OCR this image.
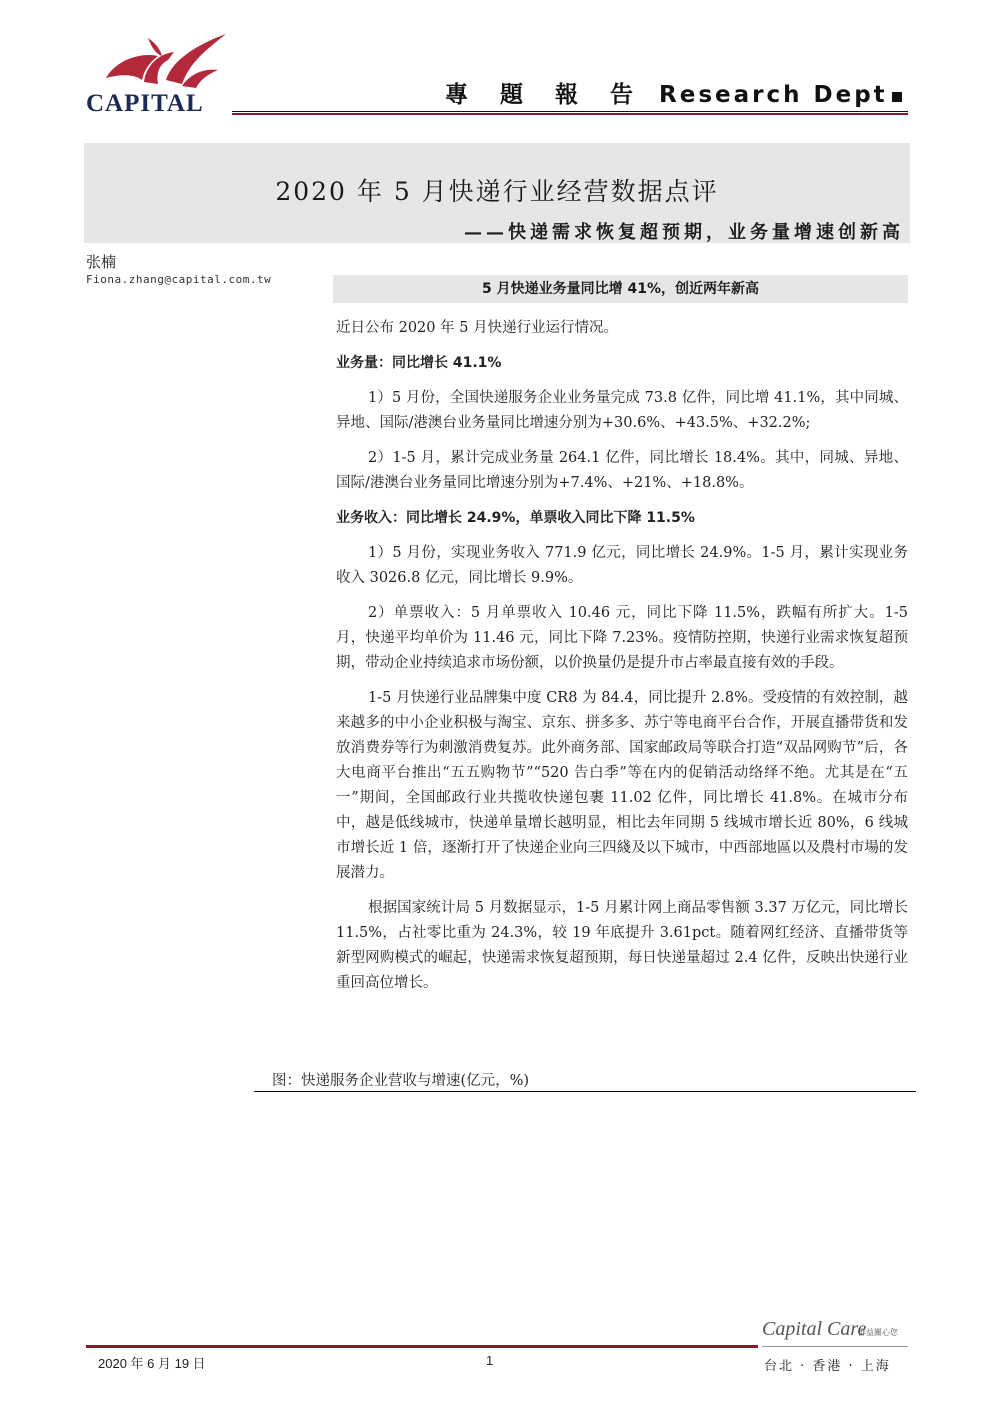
CAPITAL	專 題 報 告 Research Dept
2020 年 5 月快递行业经营数据点评
——快递需求恢复超预期，业务量增速创新高
张楠
Fiona.zhang@capital.com.tw
5 月快递业务量同比增 41%，创近两年新高

近日公布 2020 年 5 月快递行业运行情况。

业务量：同比增长 41.1%

1）5 月份，全国快递服务企业业务量完成 73.8 亿件，同比增 41.1%，其中同城、异地、国际/港澳台业务量同比增速分别为+30.6%、+43.5%、+32.2%;

2）1-5 月，累计完成业务量 264.1 亿件，同比增长 18.4%。其中，同城、异地、国际/港澳台业务量同比增速分别为+7.4%、+21%、+18.8%。

业务收入：同比增长 24.9%，单票收入同比下降 11.5%

1）5 月份，实现业务收入 771.9 亿元，同比增长 24.9%。1-5 月，累计实现业务收入 3026.8 亿元，同比增长 9.9%。

2）单票收入：5 月单票收入 10.46 元，同比下降 11.5%，跌幅有所扩大。1-5 月，快递平均单价为 11.46 元，同比下降 7.23%。疫情防控期，快递行业需求恢复超预期，带动企业持续追求市场份额，以价换量仍是提升市占率最直接有效的手段。

1-5 月快递行业品牌集中度 CR8 为 84.4，同比提升 2.8%。受疫情的有效控制，越来越多的中小企业积极与淘宝、京东、拼多多、苏宁等电商平台合作，开展直播带货和发放消费券等行为刺激消费复苏。此外商务部、国家邮政局等联合打造“双品网购节”后，各大电商平台推出“五五购物节”“520 告白季”等在内的促销活动络绎不绝。尤其是在“五一”期间，全国邮政行业共揽收快递包裹 11.02 亿件，同比增长 41.8%。在城市分布中，越是低线城市，快递单量增长越明显，相比去年同期 5 线城市增长近 80%，6 线城市增长近 1 倍，逐渐打开了快递企业向三四綫及以下城市，中西部地區以及農村市場的发展潜力。

根据国家统计局 5 月数据显示，1-5 月累计网上商品零售额 3.37 万亿元，同比增长 11.5%，占社零比重为 24.3%，较 19 年底提升 3.61pct。随着网红经济、直播带货等新型网购模式的崛起，快递需求恢复超预期，每日快递量超过 2.4 亿件，反映出快递行业重回高位增长。

图：快递服务企业营收与增速(亿元，%)
2020 年 6 月 19 日	1
Capital Care
群益關心您
台北 · 香港 · 上海
